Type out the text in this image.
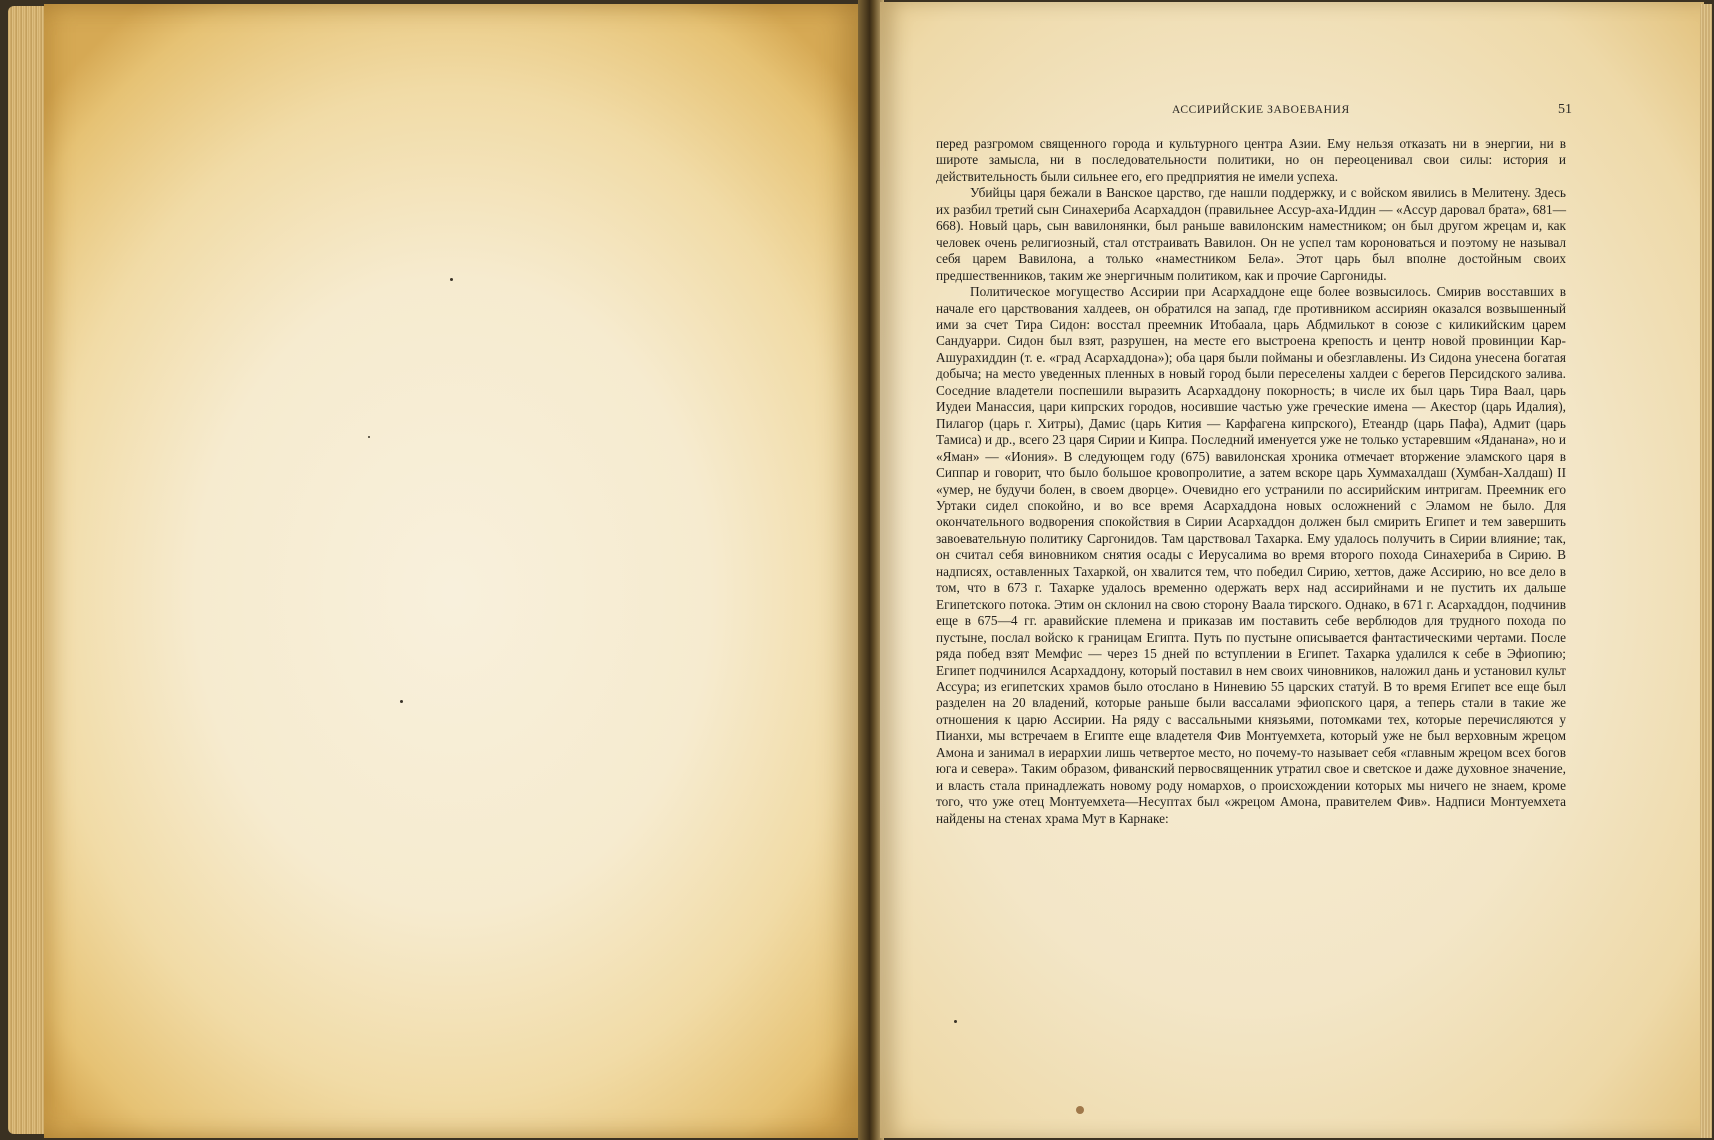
АССИРИЙСКИЕ ЗАВОЕВАНИЯ	51

перед разгромом священного города и культурного центра Азии. Ему нельзя отказать ни в энергии, ни в широте замысла, ни в последовательности политики, но он переоценивал свои силы: история и действительность были сильнее его, его предприятия не имели успеха.

Убийцы царя бежали в Ванское царство, где нашли поддержку, и с войском явились в Мелитену. Здесь их разбил третий сын Синахериба Асархаддон (правильнее Ассур-аха-Иддин — «Ассур даровал брата», 681—668). Новый царь, сын вавилонянки, был раньше вавилонским наместником; он был другом жрецам и, как человек очень религиозный, стал отстраивать Вавилон. Он не успел там короноваться и поэтому не называл себя царем Вавилона, а только «наместником Бела». Этот царь был вполне достойным своих предшественников, таким же энергичным политиком, как и прочие Саргониды.

Политическое могущество Ассирии при Асархаддоне еще более возвысилось. Смирив восставших в начале его царствования халдеев, он обратился на запад, где противником ассириян оказался возвышенный ими за счет Тира Сидон: восстал преемник Итобаала, царь Абдмилькот в союзе с киликийским царем Сандуарри. Сидон был взят, разрушен, на месте его выстроена крепость и центр новой провинции Кар-Ашурахиддин (т. е. «град Асархаддона»); оба царя были пойманы и обезглавлены. Из Сидона унесена богатая добыча; на место уведенных пленных в новый город были переселены халдеи с берегов Персидского залива. Соседние владетели поспешили выразить Асархаддону покорность; в числе их был царь Тира Ваал, царь Иудеи Манассия, цари кипрских городов, носившие частью уже греческие имена — Акестор (царь Идалия), Пилагор (царь г. Хитры), Дамис (царь Кития — Карфагена кипрского), Етеандр (царь Пафа), Адмит (царь Тамиса) и др., всего 23 царя Сирии и Кипра. Последний именуется уже не только устаревшим «Яданана», но и «Яман» — «Иония». В следующем году (675) вавилонская хроника отмечает вторжение эламского царя в Сиппар и говорит, что было большое кровопролитие, а затем вскоре царь Хуммахалдаш (Хумбан-Халдаш) II «умер, не будучи болен, в своем дворце». Очевидно его устранили по ассирийским интригам. Преемник его Уртаки сидел спокойно, и во все время Асархаддона новых осложнений с Эламом не было. Для окончательного водворения спокойствия в Сирии Асархаддон должен был смирить Египет и тем завершить завоевательную политику Саргонидов. Там царствовал Тахарка. Ему удалось получить в Сирии влияние; так, он считал себя виновником снятия осады с Иерусалима во время второго похода Синахериба в Сирию. В надписях, оставленных Тахаркой, он хвалится тем, что победил Сирию, хеттов, даже Ассирию, но все дело в том, что в 673 г. Тахарке удалось временно одержать верх над ассирийнами и не пустить их дальше Египетского потока. Этим он склонил на свою сторону Ваала тирского. Однако, в 671 г. Асархаддон, подчинив еще в 675—4 гг. аравийские племена и приказав им поставить себе верблюдов для трудного похода по пустыне, послал войско к границам Египта. Путь по пустыне описывается фантастическими чертами. После ряда побед взят Мемфис — через 15 дней по вступлении в Египет. Тахарка удалился к себе в Эфиопию; Египет подчинился Асархаддону, который поставил в нем своих чиновников, наложил дань и установил культ Ассура; из египетских храмов было отослано в Ниневию 55 царских статуй. В то время Египет все еще был разделен на 20 владений, которые раньше были вассалами эфиопского царя, а теперь стали в такие же отношения к царю Ассирии. На ряду с вассальными князьями, потомками тех, которые перечисляются у Пианхи, мы встречаем в Египте еще владетеля Фив Монтуемхета, который уже не был верховным жрецом Амона и занимал в иерархии лишь четвертое место, но почему-то называет себя «главным жрецом всех богов юга и севера». Таким образом, фиванский первосвященник утратил свое и светское и даже духовное значение, и власть стала принадлежать новому роду номархов, о происхождении которых мы ничего не знаем, кроме того, что уже отец Монтуемхета—Несуптах был «жрецом Амона, правителем Фив». Надписи Монтуемхета найдены на стенах храма Мут в Карнаке:
